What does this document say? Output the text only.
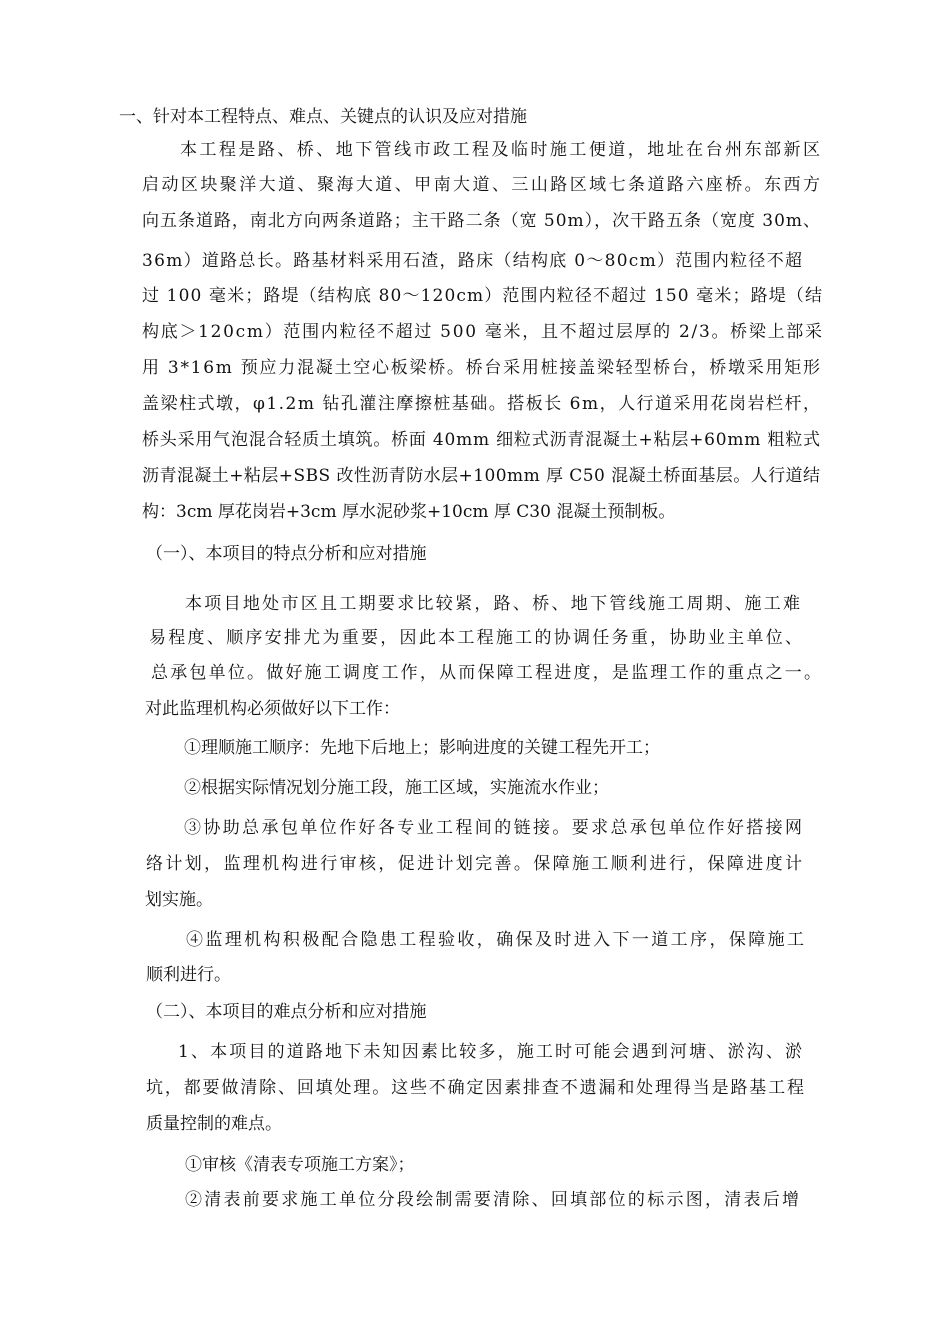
一、针对本工程特点、难点、关键点的认识及应对措施
本工程是路、桥、地下管线市政工程及临时施工便道，地址在台州东部新区
启动区块聚洋大道、聚海大道、甲南大道、三山路区域七条道路六座桥。东西方
向五条道路，南北方向两条道路；主干路二条（宽 50m），次干路五条（宽度 30m、
36m）道路总长。路基材料采用石渣，路床（结构底 0～80cm）范围内粒径不超
过 100 毫米；路堤（结构底 80～120cm）范围内粒径不超过 150 毫米；路堤（结
构底＞120cm）范围内粒径不超过 500 毫米，且不超过层厚的 2/3。桥梁上部采
用 3*16m 预应力混凝土空心板梁桥。桥台采用桩接盖梁轻型桥台，桥墩采用矩形
盖梁柱式墩，φ1.2m 钻孔灌注摩擦桩基础。搭板长 6m，人行道采用花岗岩栏杆，
桥头采用气泡混合轻质土填筑。桥面 40mm 细粒式沥青混凝土+粘层+60mm 粗粒式
沥青混凝土+粘层+SBS 改性沥青防水层+100mm 厚 C50 混凝土桥面基层。人行道结
构：3cm 厚花岗岩+3cm 厚水泥砂浆+10cm 厚 C30 混凝土预制板。
（一）、本项目的特点分析和应对措施
本项目地处市区且工期要求比较紧，路、桥、地下管线施工周期、施工难
易程度、顺序安排尤为重要，因此本工程施工的协调任务重，协助业主单位、
总承包单位。做好施工调度工作，从而保障工程进度，是监理工作的重点之一。
对此监理机构必须做好以下工作：
①理顺施工顺序：先地下后地上；影响进度的关键工程先开工；
②根据实际情况划分施工段，施工区域，实施流水作业；
③协助总承包单位作好各专业工程间的链接。要求总承包单位作好搭接网
络计划，监理机构进行审核，促进计划完善。保障施工顺利进行，保障进度计
划实施。
④监理机构积极配合隐患工程验收，确保及时进入下一道工序，保障施工
顺利进行。
（二）、本项目的难点分析和应对措施
1、本项目的道路地下未知因素比较多，施工时可能会遇到河塘、淤沟、淤
坑，都要做清除、回填处理。这些不确定因素排查不遗漏和处理得当是路基工程
质量控制的难点。
①审核《清表专项施工方案》；
②清表前要求施工单位分段绘制需要清除、回填部位的标示图，清表后增
